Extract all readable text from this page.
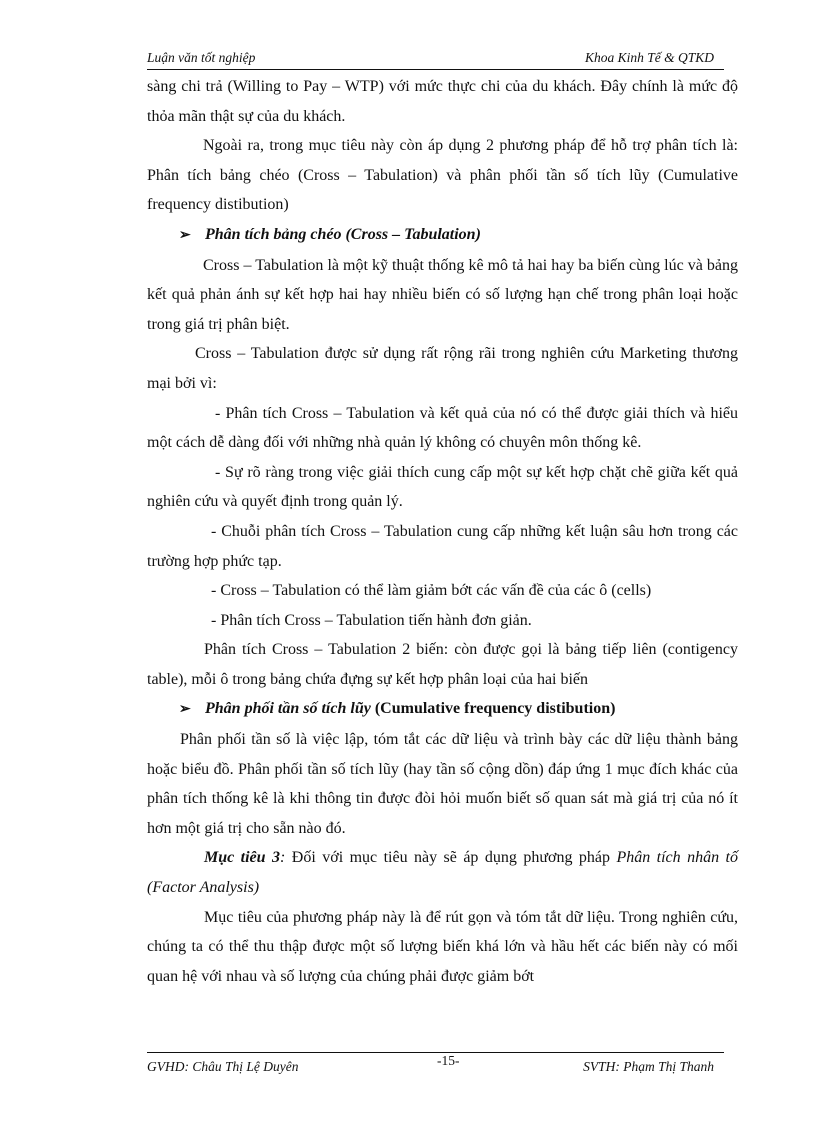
Luận văn tốt nghiệp	Khoa Kinh Tế & QTKD

sàng chi trả (Willing to Pay – WTP) với mức thực chi của du khách. Đây chính là mức độ thỏa mãn thật sự của du khách.

Ngoài ra, trong mục tiêu này còn áp dụng 2 phương pháp để hỗ trợ phân tích là: Phân tích bảng chéo (Cross – Tabulation) và phân phối tần số tích lũy (Cumulative frequency distibution)

➢ Phân tích bảng chéo (Cross – Tabulation)

Cross – Tabulation là một kỹ thuật thống kê mô tả hai hay ba biến cùng lúc và bảng kết quả phản ánh sự kết hợp hai hay nhiều biến có số lượng hạn chế trong phân loại hoặc trong giá trị phân biệt.

Cross – Tabulation được sử dụng rất rộng rãi trong nghiên cứu Marketing thương mại bởi vì:

- Phân tích Cross – Tabulation và kết quả của nó có thể được giải thích và hiểu một cách dễ dàng đối với những nhà quản lý không có chuyên môn thống kê.

- Sự rõ ràng trong việc giải thích cung cấp một sự kết hợp chặt chẽ giữa kết quả nghiên cứu và quyết định trong quản lý.

- Chuỗi phân tích Cross – Tabulation cung cấp những kết luận sâu hơn trong các trường hợp phức tạp.

- Cross – Tabulation có thể làm giảm bớt các vấn đề của các ô (cells)

- Phân tích Cross – Tabulation tiến hành đơn giản.

Phân tích Cross – Tabulation 2 biến: còn được gọi là bảng tiếp liên (contigency table), mỗi ô trong bảng chứa đựng sự kết hợp phân loại của hai biến

➢ Phân phối tần số tích lũy (Cumulative frequency distibution)

Phân phối tần số là việc lập, tóm tắt các dữ liệu và trình bày các dữ liệu thành bảng hoặc biểu đồ. Phân phối tần số tích lũy (hay tần số cộng dồn) đáp ứng 1 mục đích khác của phân tích thống kê là khi thông tin được đòi hỏi muốn biết số quan sát mà giá trị của nó ít hơn một giá trị cho sẵn nào đó.

Mục tiêu 3: Đối với mục tiêu này sẽ áp dụng phương pháp Phân tích nhân tố (Factor Analysis)

Mục tiêu của phương pháp này là để rút gọn và tóm tắt dữ liệu. Trong nghiên cứu, chúng ta có thể thu thập được một số lượng biến khá lớn và hầu hết các biến này có mối quan hệ với nhau và số lượng của chúng phải được giảm bớt

GVHD: Châu Thị Lệ Duyên	-15-	SVTH: Phạm Thị Thanh
